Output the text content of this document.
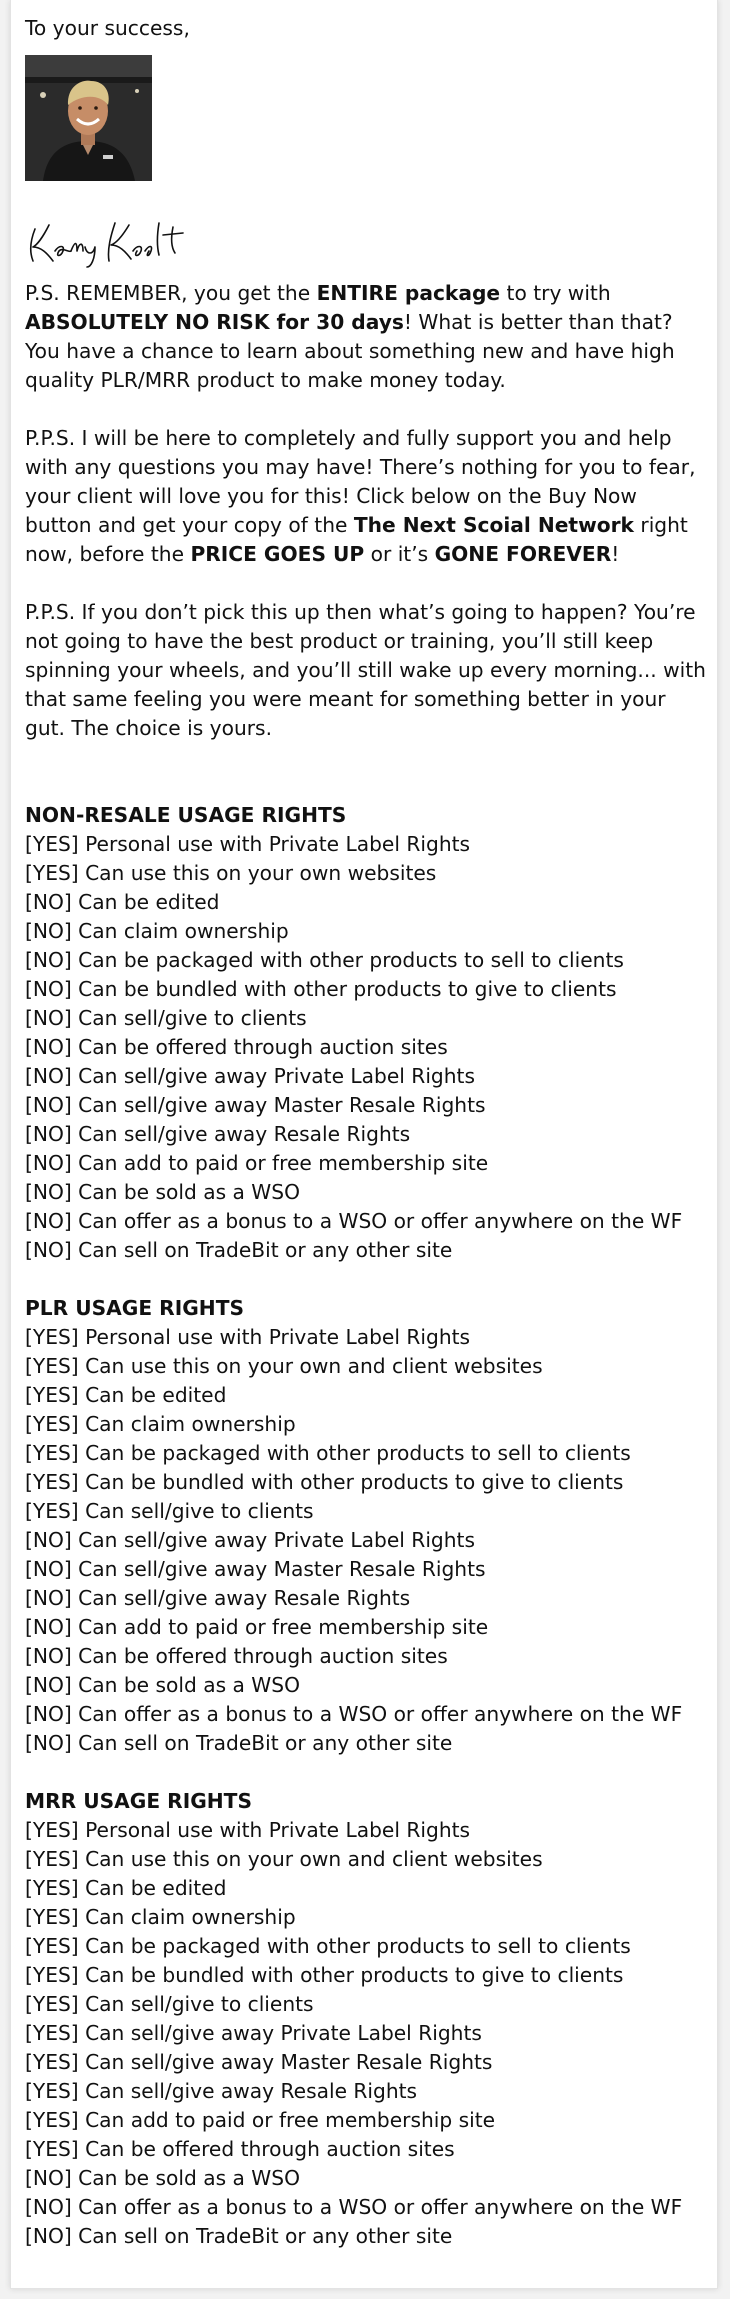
To your success,

P.S. REMEMBER, you get the ENTIRE package to try with ABSOLUTELY NO RISK for 30 days! What is better than that? You have a chance to learn about something new and have high quality PLR/MRR product to make money today.

P.P.S. I will be here to completely and fully support you and help with any questions you may have! There’s nothing for you to fear, your client will love you for this! Click below on the Buy Now button and get your copy of the The Next Scoial Network right now, before the PRICE GOES UP or it’s GONE FOREVER!

P.P.S. If you don’t pick this up then what’s going to happen? You’re not going to have the best product or training, you’ll still keep spinning your wheels, and you’ll still wake up every morning... with that same feeling you were meant for something better in your gut. The choice is yours.

NON-RESALE USAGE RIGHTS
[YES] Personal use with Private Label Rights
[YES] Can use this on your own websites
[NO] Can be edited
[NO] Can claim ownership
[NO] Can be packaged with other products to sell to clients
[NO] Can be bundled with other products to give to clients
[NO] Can sell/give to clients
[NO] Can be offered through auction sites
[NO] Can sell/give away Private Label Rights
[NO] Can sell/give away Master Resale Rights
[NO] Can sell/give away Resale Rights
[NO] Can add to paid or free membership site
[NO] Can be sold as a WSO
[NO] Can offer as a bonus to a WSO or offer anywhere on the WF
[NO] Can sell on TradeBit or any other site
PLR USAGE RIGHTS
[YES] Personal use with Private Label Rights
[YES] Can use this on your own and client websites
[YES] Can be edited
[YES] Can claim ownership
[YES] Can be packaged with other products to sell to clients
[YES] Can be bundled with other products to give to clients
[YES] Can sell/give to clients
[NO] Can sell/give away Private Label Rights
[NO] Can sell/give away Master Resale Rights
[NO] Can sell/give away Resale Rights
[NO] Can add to paid or free membership site
[NO] Can be offered through auction sites
[NO] Can be sold as a WSO
[NO] Can offer as a bonus to a WSO or offer anywhere on the WF
[NO] Can sell on TradeBit or any other site
MRR USAGE RIGHTS
[YES] Personal use with Private Label Rights
[YES] Can use this on your own and client websites
[YES] Can be edited
[YES] Can claim ownership
[YES] Can be packaged with other products to sell to clients
[YES] Can be bundled with other products to give to clients
[YES] Can sell/give to clients
[YES] Can sell/give away Private Label Rights
[YES] Can sell/give away Master Resale Rights
[YES] Can sell/give away Resale Rights
[YES] Can add to paid or free membership site
[YES] Can be offered through auction sites
[NO] Can be sold as a WSO
[NO] Can offer as a bonus to a WSO or offer anywhere on the WF
[NO] Can sell on TradeBit or any other site
